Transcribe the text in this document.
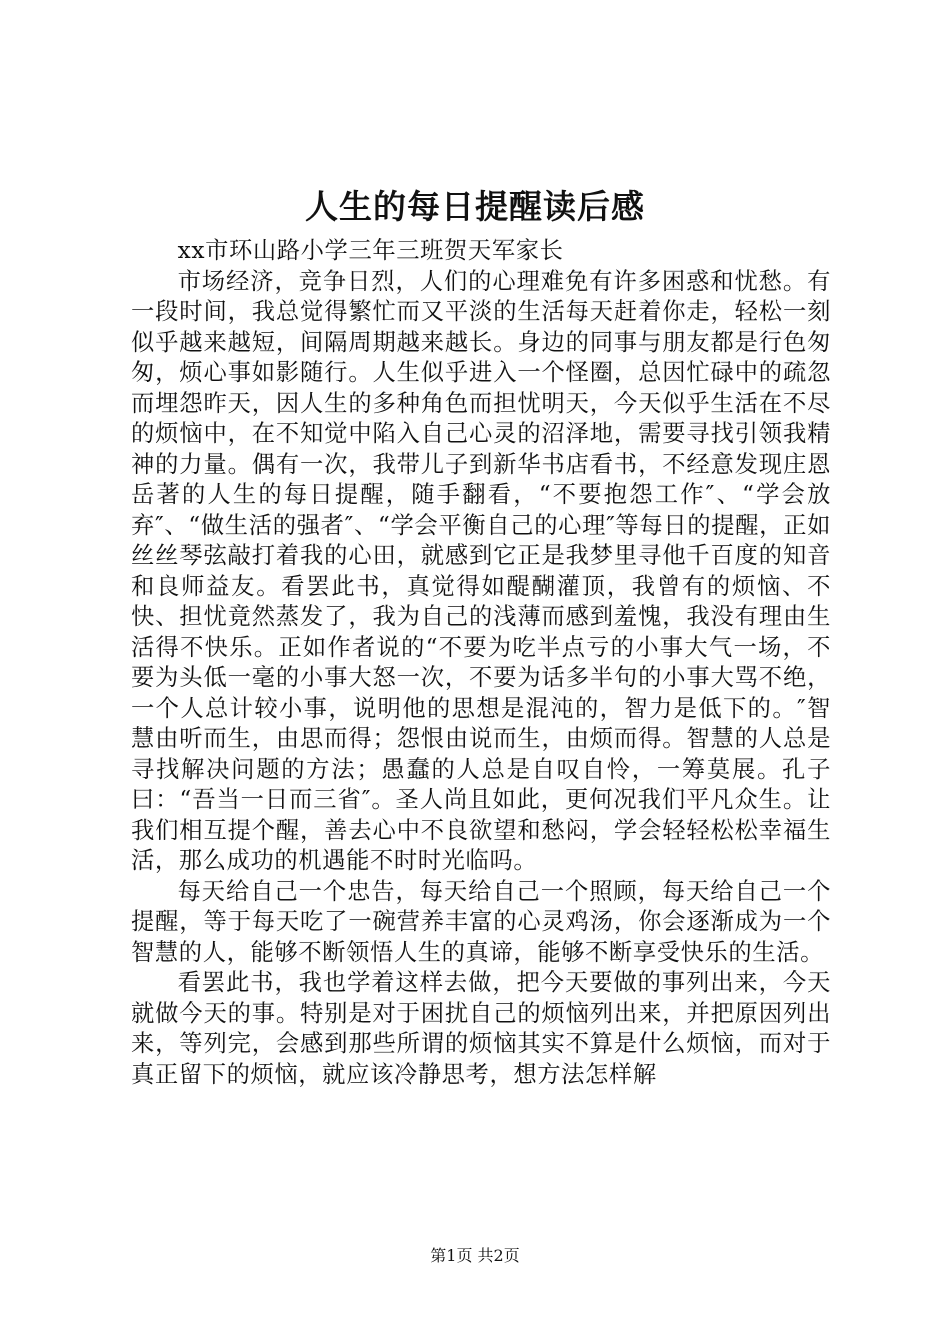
人生的每日提醒读后感

xx市环山路小学三年三班贺天军家长

市场经济，竞争日烈，人们的心理难免有许多困惑和忧愁。有一段时间，我总觉得繁忙而又平淡的生活每天赶着你走，轻松一刻似乎越来越短，间隔周期越来越长。身边的同事与朋友都是行色匆匆，烦心事如影随行。人生似乎进入一个怪圈，总因忙碌中的疏忽而埋怨昨天，因人生的多种角色而担忧明天，今天似乎生活在不尽的烦恼中，在不知觉中陷入自己心灵的沼泽地，需要寻找引领我精神的力量。偶有一次，我带儿子到新华书店看书，不经意发现庄恩岳著的人生的每日提醒，随手翻看，“不要抱怨工作″、“学会放弃″、“做生活的强者″、“学会平衡自己的心理″等每日的提醒，正如丝丝琴弦敲打着我的心田，就感到它正是我梦里寻他千百度的知音和良师益友。看罢此书，真觉得如醍醐灌顶，我曾有的烦恼、不快、担忧竟然蒸发了，我为自己的浅薄而感到羞愧，我没有理由生活得不快乐。正如作者说的“不要为吃半点亏的小事大气一场，不要为头低一毫的小事大怒一次，不要为话多半句的小事大骂不绝，一个人总计较小事，说明他的思想是混沌的，智力是低下的。″智慧由听而生，由思而得；怨恨由说而生，由烦而得。智慧的人总是寻找解决问题的方法；愚蠢的人总是自叹自怜，一筹莫展。孔子曰：“吾当一日而三省″。圣人尚且如此，更何况我们平凡众生。让我们相互提个醒，善去心中不良欲望和愁闷，学会轻轻松松幸福生活，那么成功的机遇能不时时光临吗。

每天给自己一个忠告，每天给自己一个照顾，每天给自己一个提醒，等于每天吃了一碗营养丰富的心灵鸡汤，你会逐渐成为一个智慧的人，能够不断领悟人生的真谛，能够不断享受快乐的生活。

看罢此书，我也学着这样去做，把今天要做的事列出来，今天就做今天的事。特别是对于困扰自己的烦恼列出来，并把原因列出来，等列完，会感到那些所谓的烦恼其实不算是什么烦恼，而对于真正留下的烦恼，就应该冷静思考，想方法怎样解

第1页 共2页
